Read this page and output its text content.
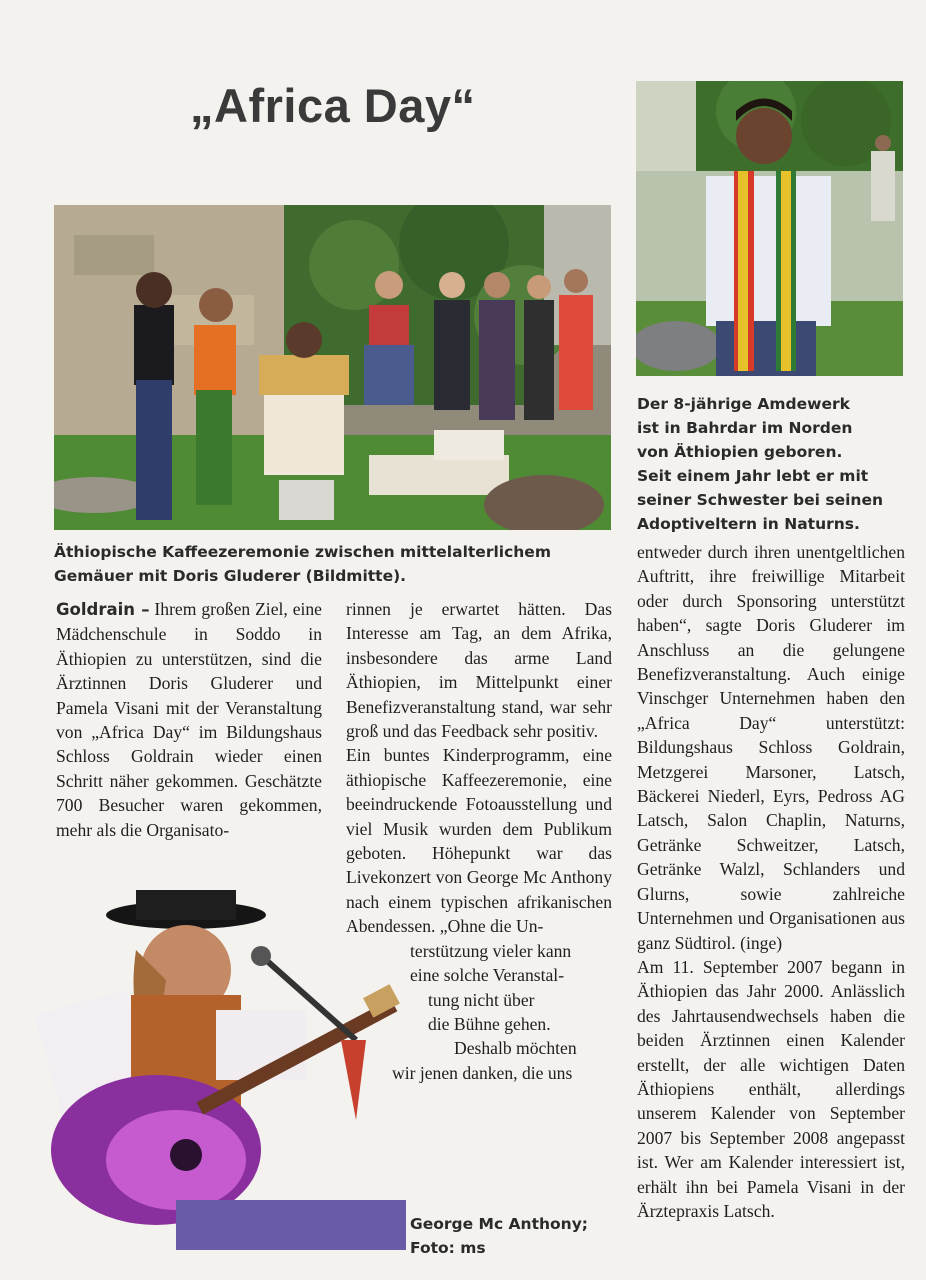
„Africa Day“
Äthiopische Kaffeezeremonie zwischen mittelalterlichem
Gemäuer mit Doris Gluderer (Bildmitte).
Der 8-jährige Amdewerk
ist in Bahrdar im Norden
von Äthiopien geboren.
Seit einem Jahr lebt er mit
seiner Schwester bei seinen
Adoptiveltern in Naturns.

Goldrain – Ihrem großen Ziel, eine Mädchenschule in Soddo in Äthiopien zu unterstützen, sind die Ärztinnen Doris Gluderer und Pamela Visani mit der Veranstaltung von „Africa Day“ im Bildungshaus Schloss Goldrain wieder einen Schritt näher gekommen. Geschätzte 700 Besucher waren gekommen, mehr als die Organisato-

rinnen je erwartet hätten. Das Interesse am Tag, an dem Afrika, insbesondere das arme Land Äthiopien, im Mittelpunkt einer Benefizveranstaltung stand, war sehr groß und das Feedback sehr positiv.

Ein buntes Kinderprogramm, eine äthiopische Kaffeezeremonie, eine beeindruckende Fotoausstellung und viel Musik wurden dem Publikum geboten. Höhepunkt war das Livekonzert von George Mc Anthony nach einem typischen afrikanischen Abendessen. „Ohne die Un-

terstützung vieler kann

eine solche Veranstal-

tung nicht über

die Bühne gehen.

Deshalb möchten

wir jenen danken, die uns

entweder durch ihren unentgeltlichen Auftritt, ihre freiwillige Mitarbeit oder durch Sponsoring unterstützt haben“, sagte Doris Gluderer im Anschluss an die gelungene Benefizveranstaltung. Auch einige Vinschger Unternehmen haben den „Africa Day“ unterstützt: Bildungshaus Schloss Goldrain, Metzgerei Marsoner, Latsch, Bäckerei Niederl, Eyrs, Pedross AG Latsch, Salon Chaplin, Naturns, Getränke Schweitzer, Latsch, Getränke Walzl, Schlanders und Glurns, sowie zahlreiche Unternehmen und Organisationen aus ganz Südtirol. (inge)

Am 11. September 2007 begann in Äthiopien das Jahr 2000. Anlässlich des Jahrtausendwechsels haben die beiden Ärztinnen einen Kalender erstellt, der alle wichtigen Daten Äthiopiens enthält, allerdings unserem Kalender von September 2007 bis September 2008 angepasst ist. Wer am Kalender interessiert ist, erhält ihn bei Pamela Visani in der Ärztepraxis Latsch.

George Mc Anthony;
Foto: ms
